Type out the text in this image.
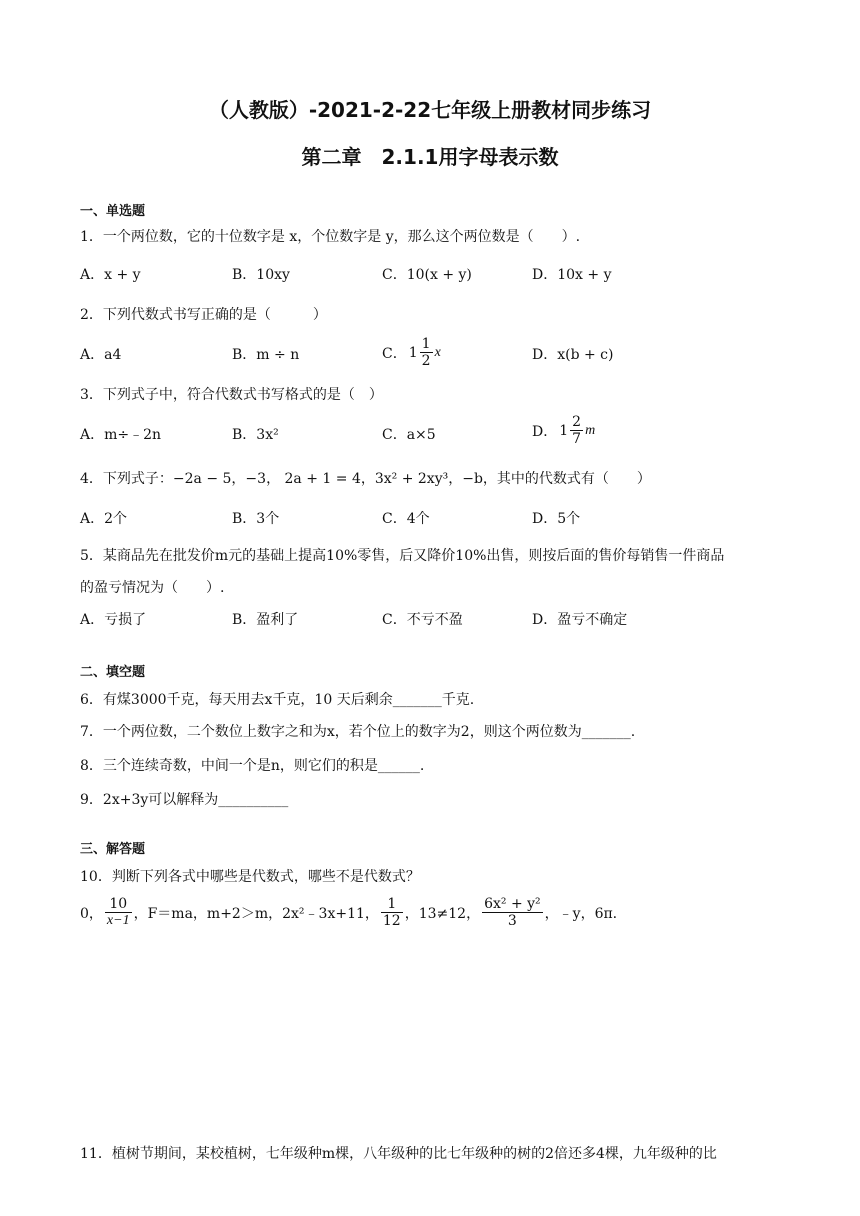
（人教版）-2021-2-22七年级上册教材同步练习
第二章　2.1.1用字母表示数
一、单选题
1．一个两位数，它的十位数字是 x，个位数字是 y，那么这个两位数是（　　）.
A．x + y	B．10xy	C．10(x + y)	D．10x + y
2．下列代数式书写正确的是（　　　）
A．a4	B．m ÷ n	C． $1 \frac{1}{2}$ x	D．x(b + c)
3．下列式子中，符合代数式书写格式的是（　）
A．m÷﹣2n	B．3x²	C．a×5	D． $1 \frac{2}{7}$ m
4．下列式子：−2a − 5，−3， 2a + 1 = 4，3x² + 2xy³，−b，其中的代数式有（　　）
A．2个	B．3个	C．4个	D．5个
5．某商品先在批发价m元的基础上提高10%零售，后又降价10%出售，则按后面的售价每销售一件商品
的盈亏情况为（　　）.
A．亏损了	B．盈利了	C．不亏不盈	D．盈亏不确定
二、填空题
6．有煤3000千克，每天用去x千克，10 天后剩余_______千克.
7．一个两位数，二个数位上数字之和为x，若个位上的数字为2，则这个两位数为_______.
8．三个连续奇数，中间一个是n，则它们的积是______.
9．2x+3y可以解释为__________
三、解答题
10．判断下列各式中哪些是代数式，哪些不是代数式？
0， $\frac{10}{x-1}$ ，F＝ma，m+2＞m，2x²﹣3x+11， $\frac{1}{12}$ ，13≠12， $\frac{\text{6x² + y²}}{3}$ ，﹣y，6π.
11．植树节期间，某校植树，七年级种m棵，八年级种的比七年级种的树的2倍还多4棵，九年级种的比
